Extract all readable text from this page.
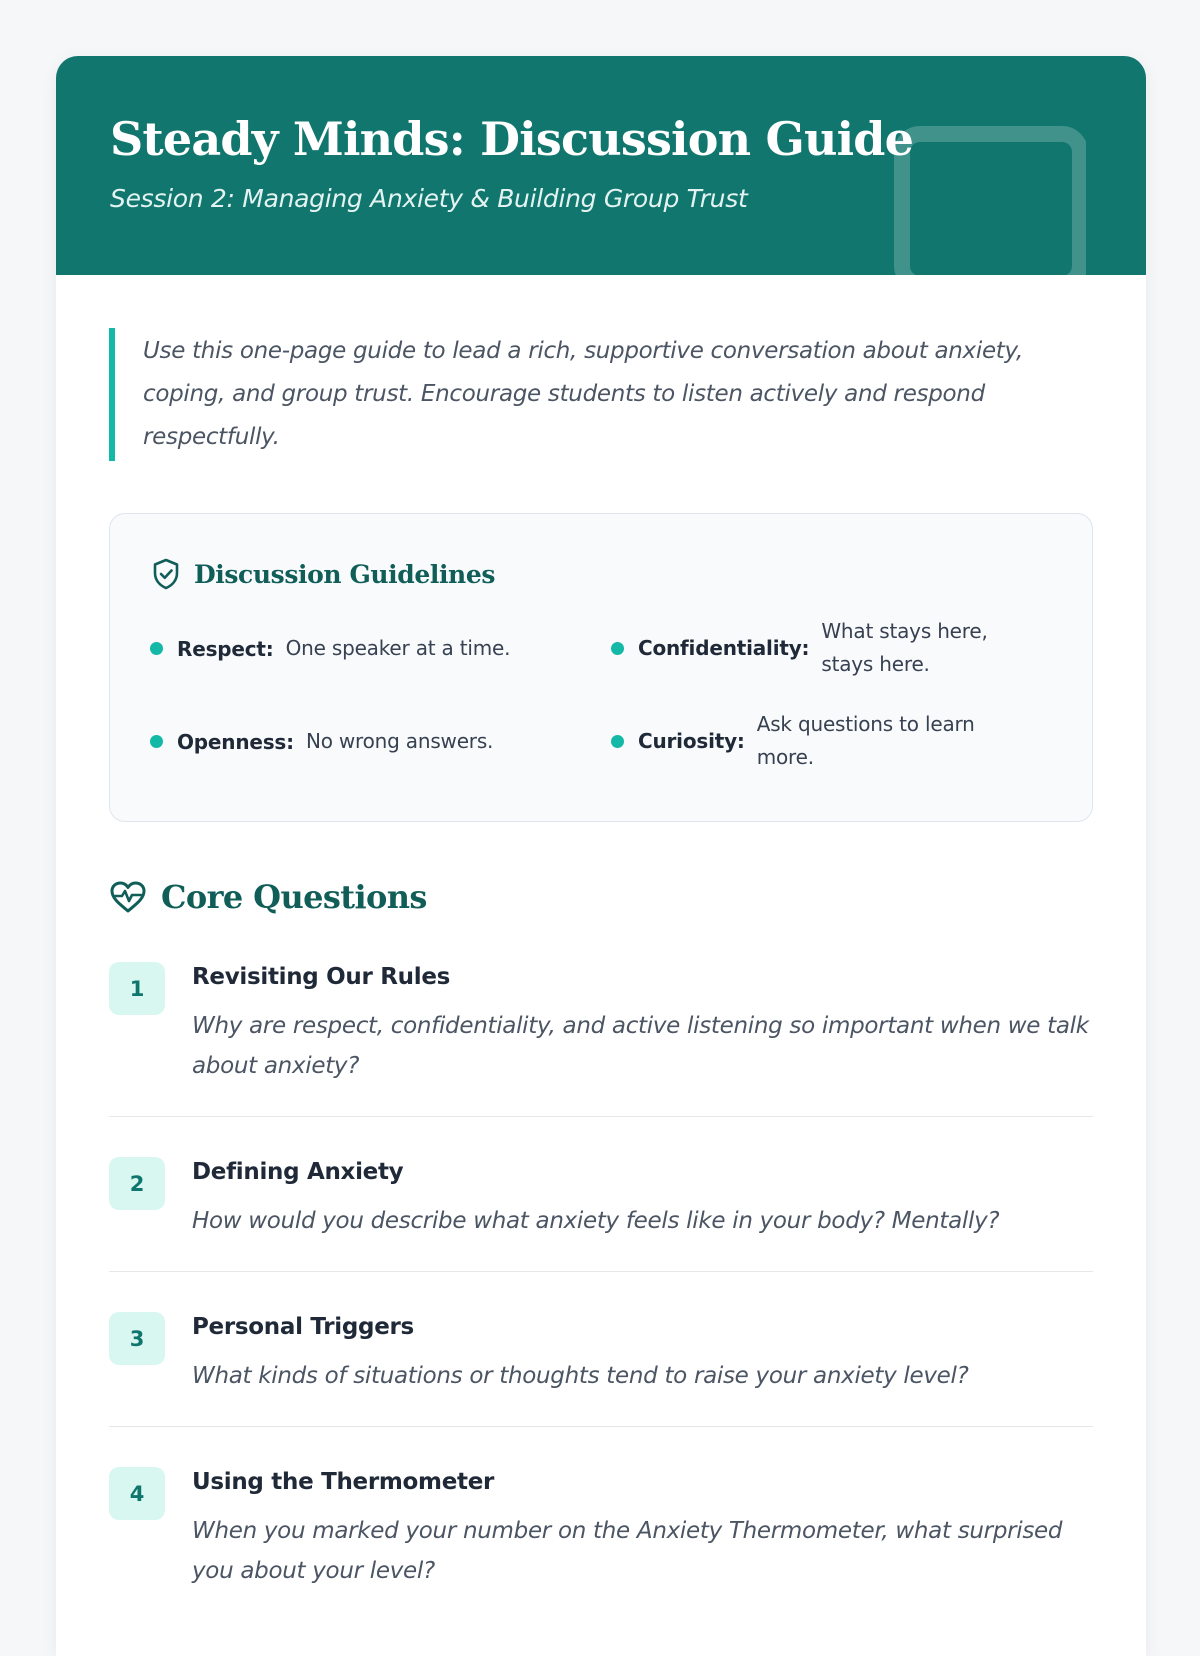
Steady Minds: Discussion Guide
Session 2: Managing Anxiety & Building Group Trust

Use this one-page guide to lead a rich, supportive conversation about anxiety, coping, and group trust. Encourage students to listen actively and respond respectfully.

Discussion Guidelines
Respect: One speaker at a time.	Confidentiality:
What stays here, stays here.
Openness: No wrong answers.	Curiosity:
Ask questions to learn more.
Core Questions
1	Revisiting Our Rules
Why are respect, confidentiality, and active listening so important when we talk about anxiety?
2	Defining Anxiety
How would you describe what anxiety feels like in your body? Mentally?
3	Personal Triggers
What kinds of situations or thoughts tend to raise your anxiety level?
4	Using the Thermometer
When you marked your number on the Anxiety Thermometer, what surprised you about your level?
